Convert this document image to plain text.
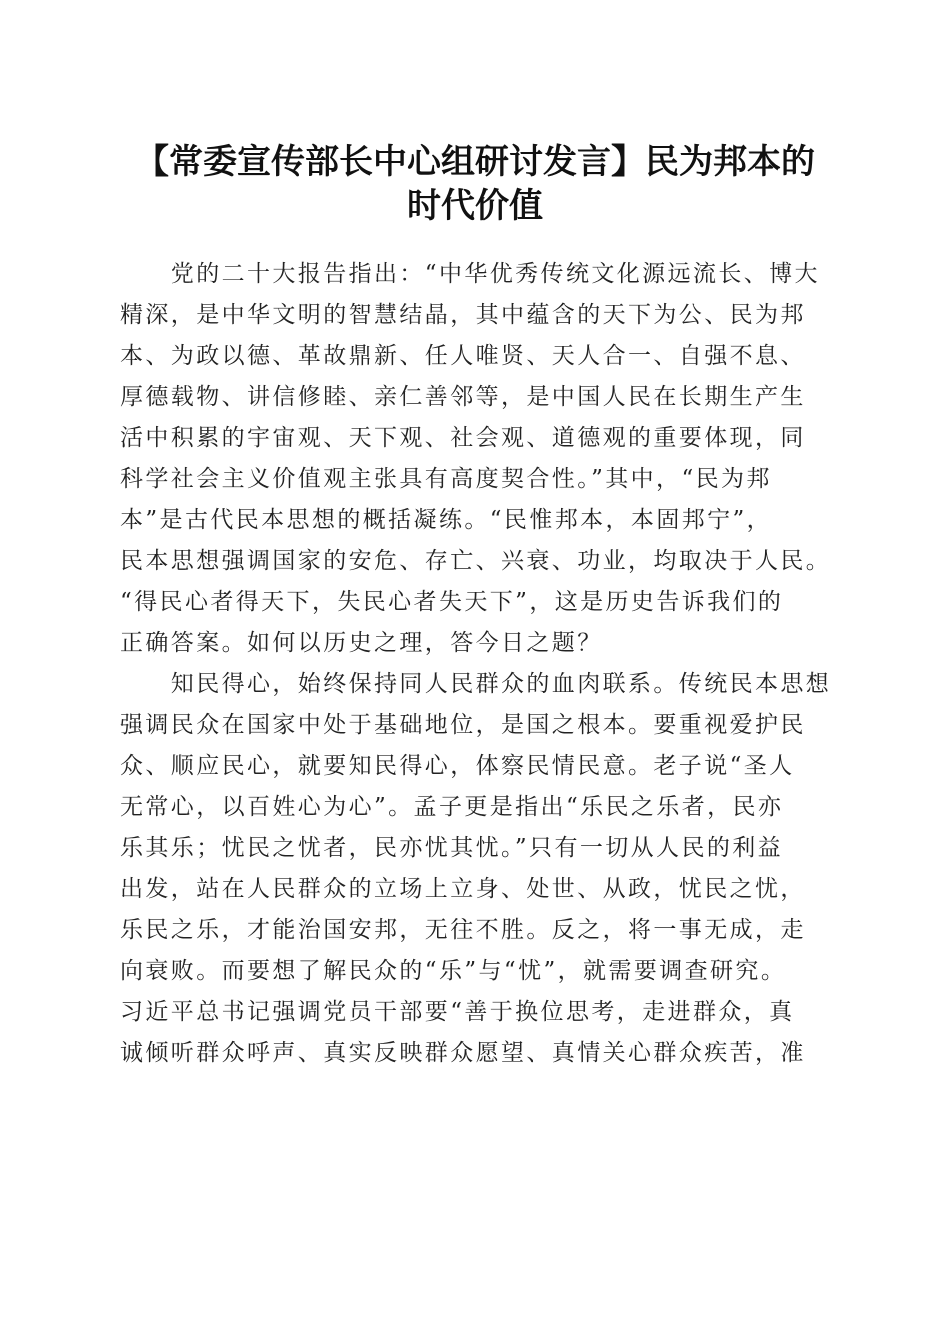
【常委宣传部长中心组研讨发言】民为邦本的
时代价值

　　党的二十大报告指出：“中华优秀传统文化源远流长、博大
精深，是中华文明的智慧结晶，其中蕴含的天下为公、民为邦
本、为政以德、革故鼎新、任人唯贤、天人合一、自强不息、
厚德载物、讲信修睦、亲仁善邻等，是中国人民在长期生产生
活中积累的宇宙观、天下观、社会观、道德观的重要体现，同
科学社会主义价值观主张具有高度契合性。”其中，“民为邦
本”是古代民本思想的概括凝练。“民惟邦本，本固邦宁”，
民本思想强调国家的安危、存亡、兴衰、功业，均取决于人民。
“得民心者得天下，失民心者失天下”，这是历史告诉我们的
正确答案。如何以历史之理，答今日之题？

　　知民得心，始终保持同人民群众的血肉联系。传统民本思想
强调民众在国家中处于基础地位，是国之根本。要重视爱护民
众、顺应民心，就要知民得心，体察民情民意。老子说“圣人
无常心，以百姓心为心”。孟子更是指出“乐民之乐者，民亦
乐其乐；忧民之忧者，民亦忧其忧。”只有一切从人民的利益
出发，站在人民群众的立场上立身、处世、从政，忧民之忧，
乐民之乐，才能治国安邦，无往不胜。反之，将一事无成，走
向衰败。而要想了解民众的“乐”与“忧”，就需要调查研究。
习近平总书记强调党员干部要“善于换位思考，走进群众，真
诚倾听群众呼声、真实反映群众愿望、真情关心群众疾苦，准
